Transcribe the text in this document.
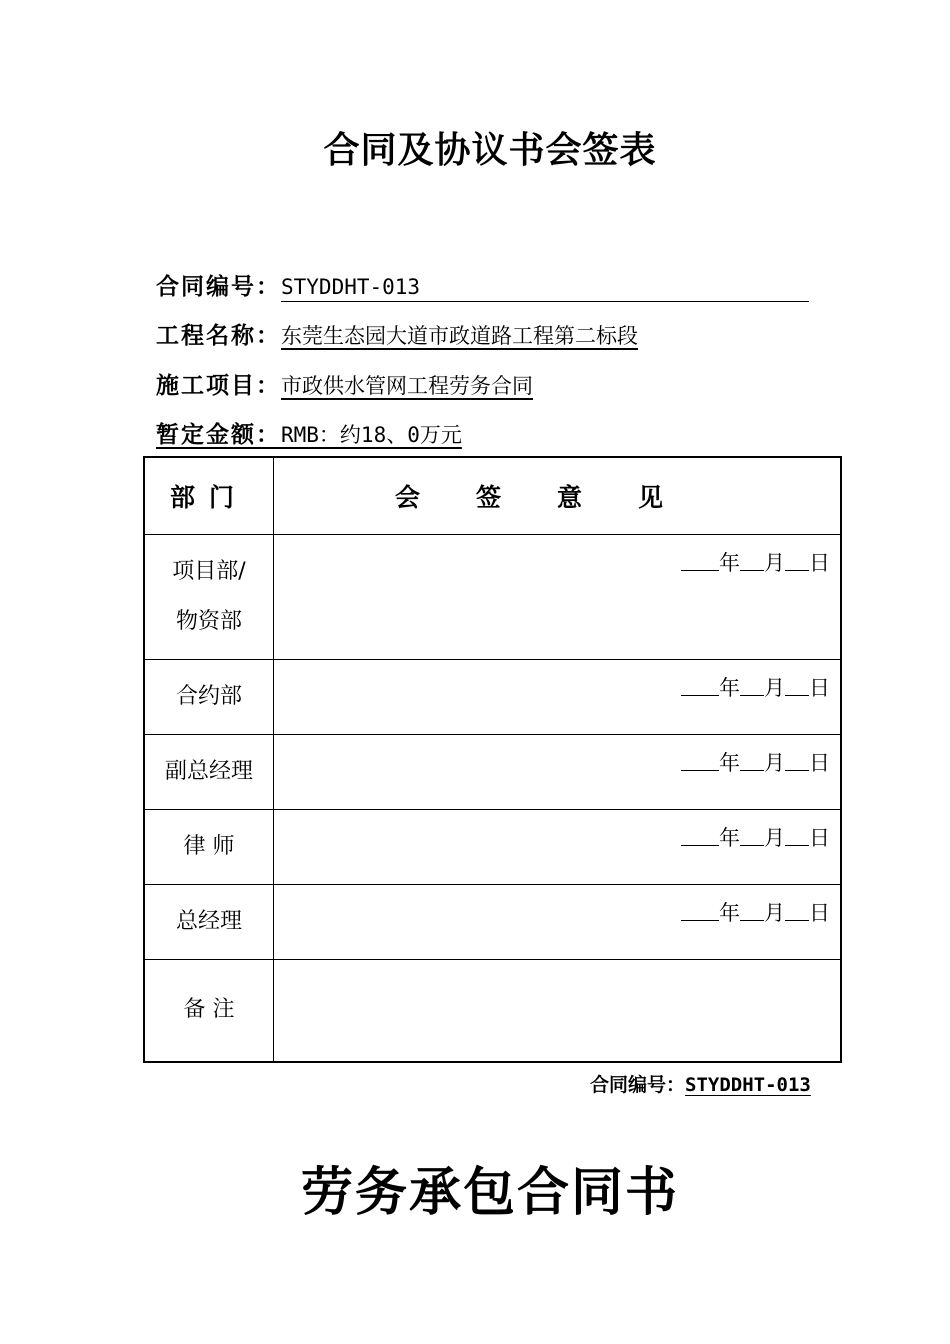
合同及协议书会签表
合同编号：STYDDHT-013
工程名称：东莞生态园大道市政道路工程第二标段
施工项目：市政供水管网工程劳务合同
暂定金额：RMB：约18、0万元
部门	会签意见
项目部/
物资部	年 月 日

合约部	年 月 日

副总经理	年 月 日

律 师	年 月 日

总经理	年 月 日

备 注	
合同编号：STYDDHT-013
劳务承包合同书
